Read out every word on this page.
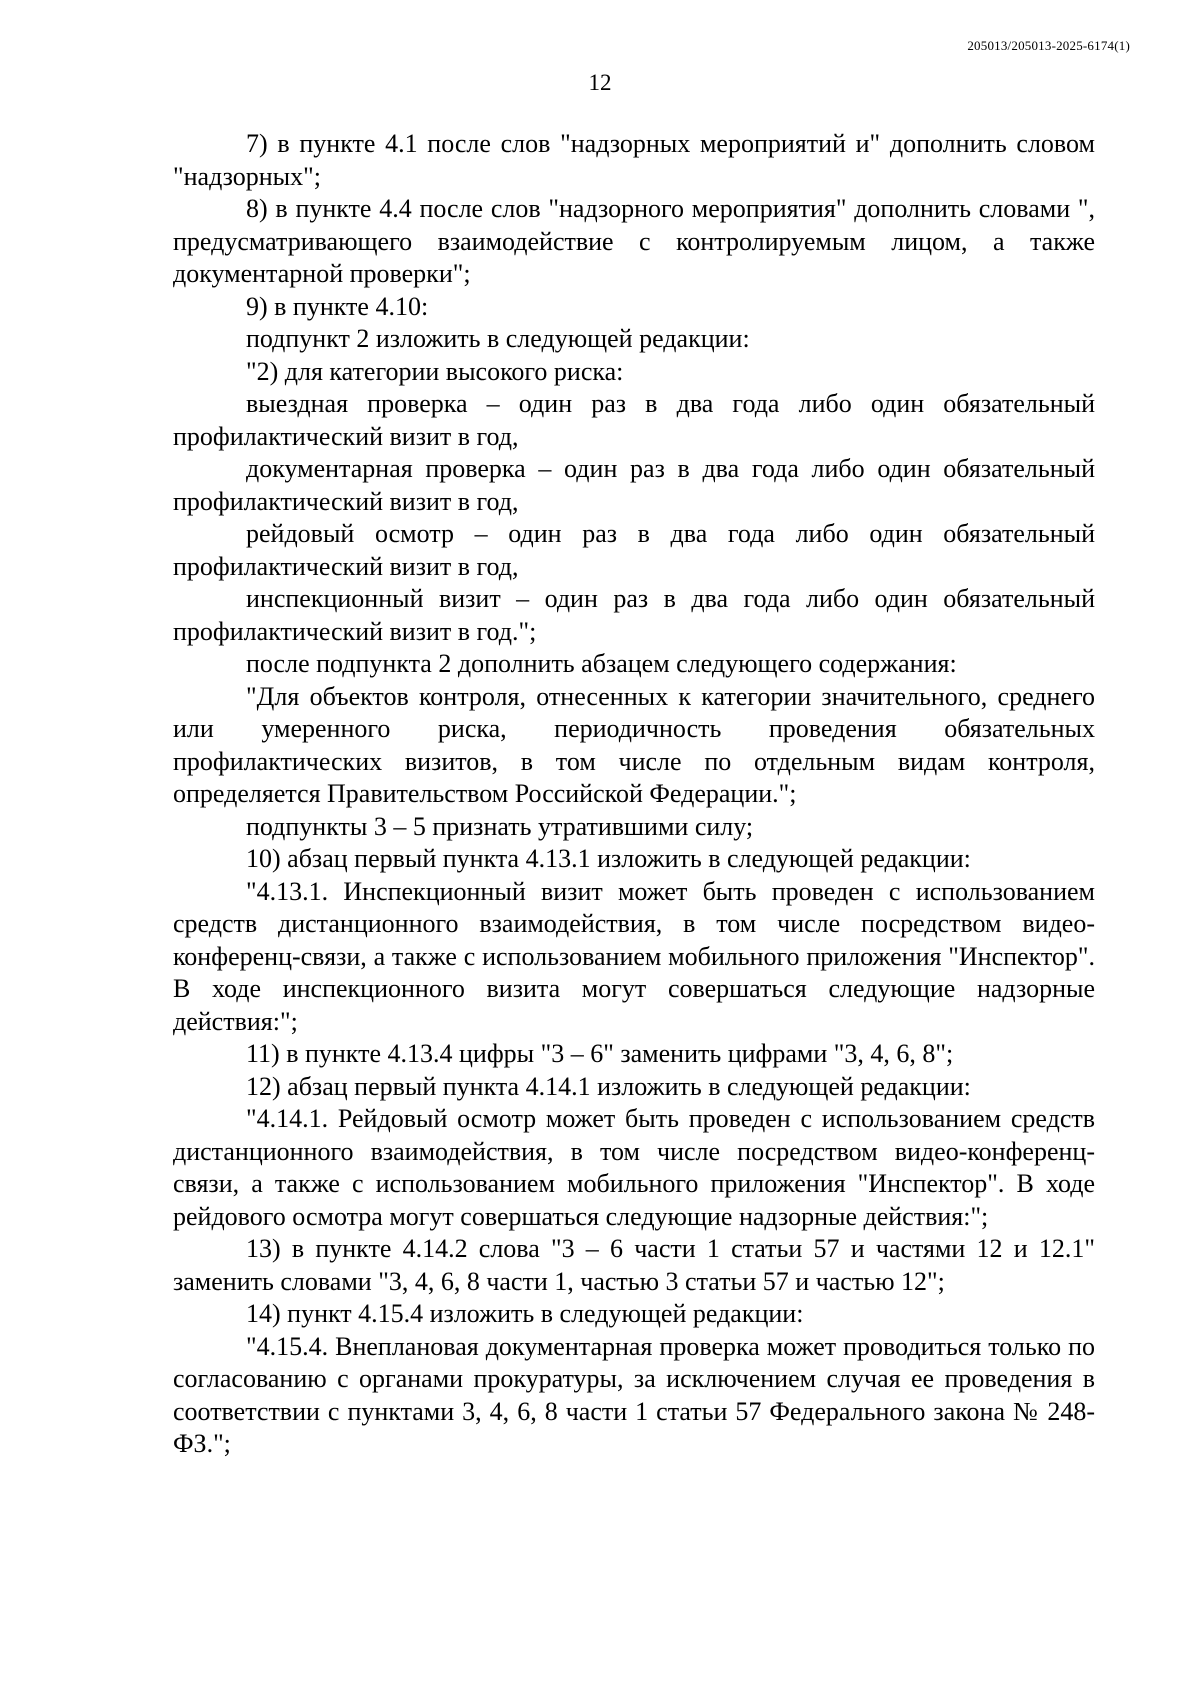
205013/205013-2025-6174(1)
12

7) в пункте 4.1 после слов "надзорных мероприятий и" дополнить словом "надзорных";

8) в пункте 4.4 после слов "надзорного мероприятия" дополнить словами ", предусматривающего взаимодействие с контролируемым лицом, а также документарной проверки";

9) в пункте 4.10:

подпункт 2 изложить в следующей редакции:

"2) для категории высокого риска:

выездная проверка – один раз в два года либо один обязательный профилактический визит в год,

документарная проверка – один раз в два года либо один обязательный профилактический визит в год,

рейдовый осмотр – один раз в два года либо один обязательный профилактический визит в год,

инспекционный визит – один раз в два года либо один обязательный профилактический визит в год.";

после подпункта 2 дополнить абзацем следующего содержания:

"Для объектов контроля, отнесенных к категории значительного, среднего или умеренного риска, периодичность проведения обязательных профилактических визитов, в том числе по отдельным видам контроля, определяется Правительством Российской Федерации.";

подпункты 3 – 5 признать утратившими силу;

10) абзац первый пункта 4.13.1 изложить в следующей редакции:

"4.13.1. Инспекционный визит может быть проведен с использованием средств дистанционного взаимодействия, в том числе посредством видео-конференц-связи, а также с использованием мобильного приложения "Инспектор". В ходе инспекционного визита могут совершаться следующие надзорные действия:";

11) в пункте 4.13.4 цифры "3 – 6" заменить цифрами "3, 4, 6, 8";

12) абзац первый пункта 4.14.1 изложить в следующей редакции:

"4.14.1. Рейдовый осмотр может быть проведен с использованием средств дистанционного взаимодействия, в том числе посредством видео-конференц-связи, а также с использованием мобильного приложения "Инспектор". В ходе рейдового осмотра могут совершаться следующие надзорные действия:";

13) в пункте 4.14.2 слова "3 – 6 части 1 статьи 57 и частями 12 и 12.1" заменить словами "3, 4, 6, 8 части 1, частью 3 статьи 57 и частью 12";

14) пункт 4.15.4 изложить в следующей редакции:

"4.15.4. Внеплановая документарная проверка может проводиться только по согласованию с органами прокуратуры, за исключением случая ее проведения в соответствии с пунктами 3, 4, 6, 8 части 1 статьи 57 Федерального закона № 248-ФЗ.";
